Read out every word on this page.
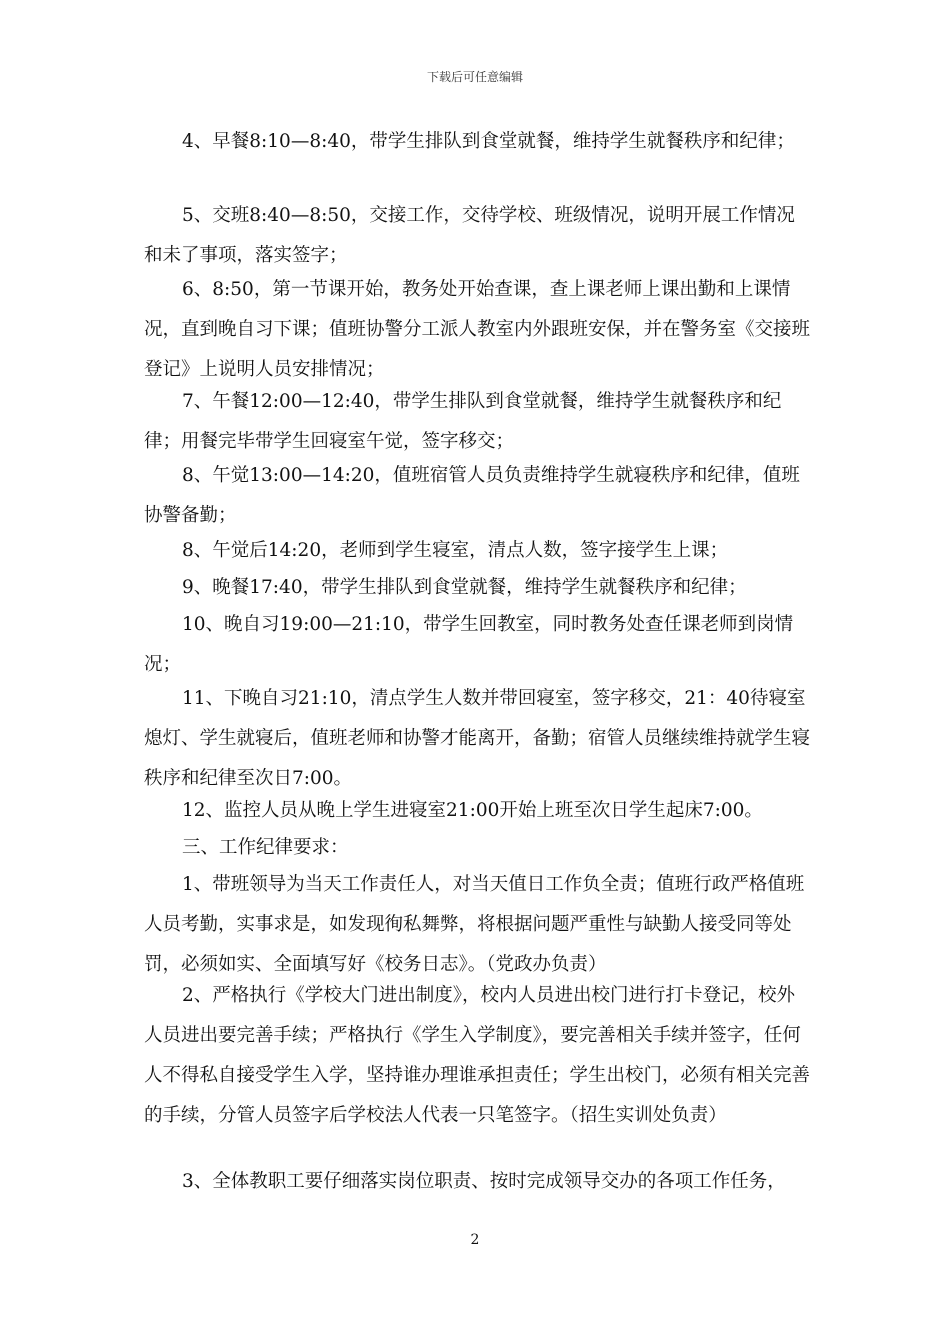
下载后可任意编辑

4、早餐8:10—8:40，带学生排队到食堂就餐，维持学生就餐秩序和纪律；

5、交班8:40—8:50，交接工作，交待学校、班级情况，说明开展工作情况和未了事项，落实签字；

6、8:50，第一节课开始，教务处开始查课，查上课老师上课出勤和上课情况，直到晚自习下课；值班协警分工派人教室内外跟班安保，并在警务室《交接班登记》上说明人员安排情况；

7、午餐12:00—12:40，带学生排队到食堂就餐，维持学生就餐秩序和纪律；用餐完毕带学生回寝室午觉，签字移交；

8、午觉13:00—14:20，值班宿管人员负责维持学生就寝秩序和纪律，值班协警备勤；

8、午觉后14:20，老师到学生寝室，清点人数，签字接学生上课；

9、晚餐17:40，带学生排队到食堂就餐，维持学生就餐秩序和纪律；

10、晚自习19:00—21:10，带学生回教室，同时教务处查任课老师到岗情况；

11、下晚自习21:10，清点学生人数并带回寝室，签字移交，21：40待寝室熄灯、学生就寝后，值班老师和协警才能离开，备勤；宿管人员继续维持就学生寝秩序和纪律至次日7:00。

12、监控人员从晚上学生进寝室21:00开始上班至次日学生起床7:00。

三、工作纪律要求：

1、带班领导为当天工作责任人，对当天值日工作负全责；值班行政严格值班人员考勤，实事求是，如发现徇私舞弊，将根据问题严重性与缺勤人接受同等处罚，必须如实、全面填写好《校务日志》。（党政办负责）

2、严格执行《学校大门进出制度》，校内人员进出校门进行打卡登记，校外人员进出要完善手续；严格执行《学生入学制度》，要完善相关手续并签字，任何人不得私自接受学生入学，坚持谁办理谁承担责任；学生出校门，必须有相关完善的手续，分管人员签字后学校法人代表一只笔签字。（招生实训处负责）

3、全体教职工要仔细落实岗位职责、按时完成领导交办的各项工作任务，

2
